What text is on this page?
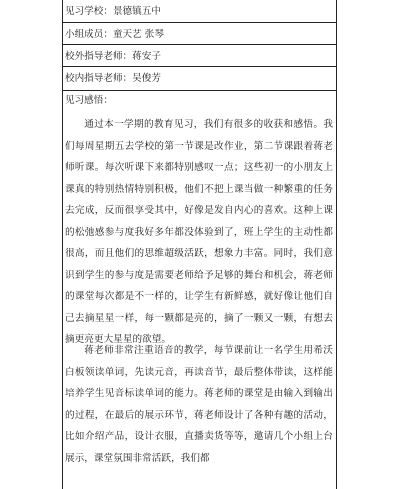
见习学校：景德镇五中
小组成员：童天艺 张琴
校外指导老师：蒋安子
校内指导老师：吴俊芳
见习感悟：
通过本一学期的教育见习，我们有很多的收获和感悟。我们每周星期五去学校的第一节课是改作业，第二节课跟着蒋老师听课。每次听课下来都特别感叹一点；这些初一的小朋友上课真的特别热情特别积极，他们不把上课当做一种繁重的任务去完成，反而很享受其中，好像是发自内心的喜欢。这种上课的松弛感参与度我好多年都没体验到了，班上学生的主动性都很高，而且他们的思维超级活跃，想象力丰富。同时，我们意识到学生的参与度是需要老师给予足够的舞台和机会，蒋老师的课堂每次都是不一样的，让学生有新鲜感，就好像让他们自己去摘星星一样，每一颗都是亮的，摘了一颗又一颗，有想去摘更亮更大星星的欲望。
蒋老师非常注重语音的教学，每节课前让一名学生用希沃白板领读单词，先读元音，再读音节，最后整体带读，这样能培养学生见音标读单词的能力。蒋老师的课堂是由输入到输出的过程，在最后的展示环节，蒋老师设计了各种有趣的活动，比如介绍产品，设计衣服，直播卖货等等，邀请几个小组上台展示，课堂氛围非常活跃，我们都
